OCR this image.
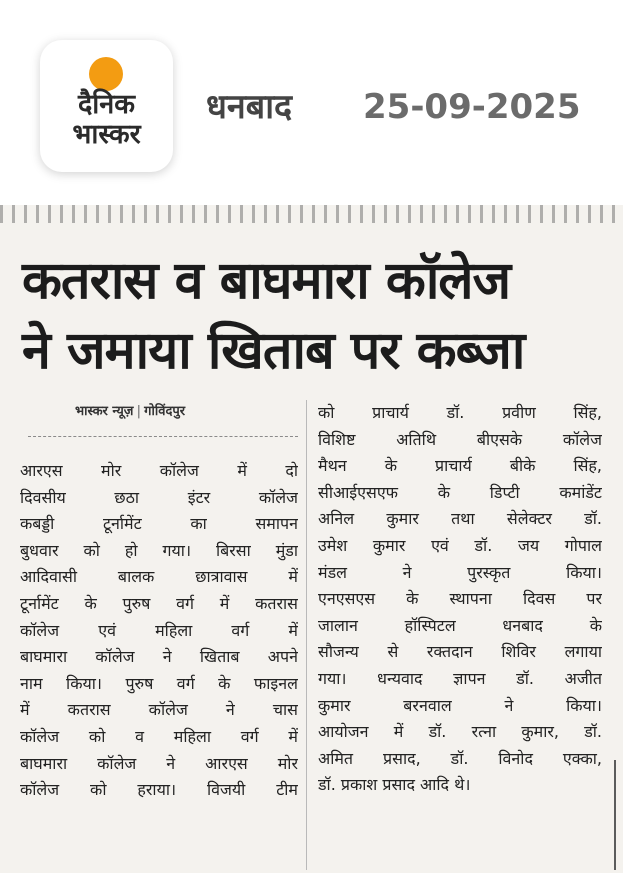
दैनिक
भास्कर
धनबाद 25-09-2025
कतरास व बाघमारा कॉलेज
ने जमाया खिताब पर कब्जा
भास्कर न्यूज़ | गोविंदपुर
आरएस मोर कॉलेज में दो
दिवसीय छठा इंटर कॉलेज
कबड्डी टूर्नामेंट का समापन
बुधवार को हो गया। बिरसा मुंडा
आदिवासी बालक छात्रावास में
टूर्नामेंट के पुरुष वर्ग में कतरास
कॉलेज एवं महिला वर्ग में
बाघमारा कॉलेज ने खिताब अपने
नाम किया। पुरुष वर्ग के फाइनल
में कतरास कॉलेज ने चास
कॉलेज को व महिला वर्ग में
बाघमारा कॉलेज ने आरएस मोर
कॉलेज को हराया। विजयी टीम
को प्राचार्य डॉ. प्रवीण सिंह,
विशिष्ट अतिथि बीएसके कॉलेज
मैथन के प्राचार्य बीके सिंह,
सीआईएसएफ के डिप्टी कमांडेंट
अनिल कुमार तथा सेलेक्टर डॉ.
उमेश कुमार एवं डॉ. जय गोपाल
मंडल ने पुरस्कृत किया।
एनएसएस के स्थापना दिवस पर
जालान हॉस्पिटल धनबाद के
सौजन्य से रक्तदान शिविर लगाया
गया। धन्यवाद ज्ञापन डॉ. अजीत
कुमार बरनवाल ने किया।
आयोजन में डॉ. रत्ना कुमार, डॉ.
अमित प्रसाद, डॉ. विनोद एक्का,
डॉ. प्रकाश प्रसाद आदि थे।
